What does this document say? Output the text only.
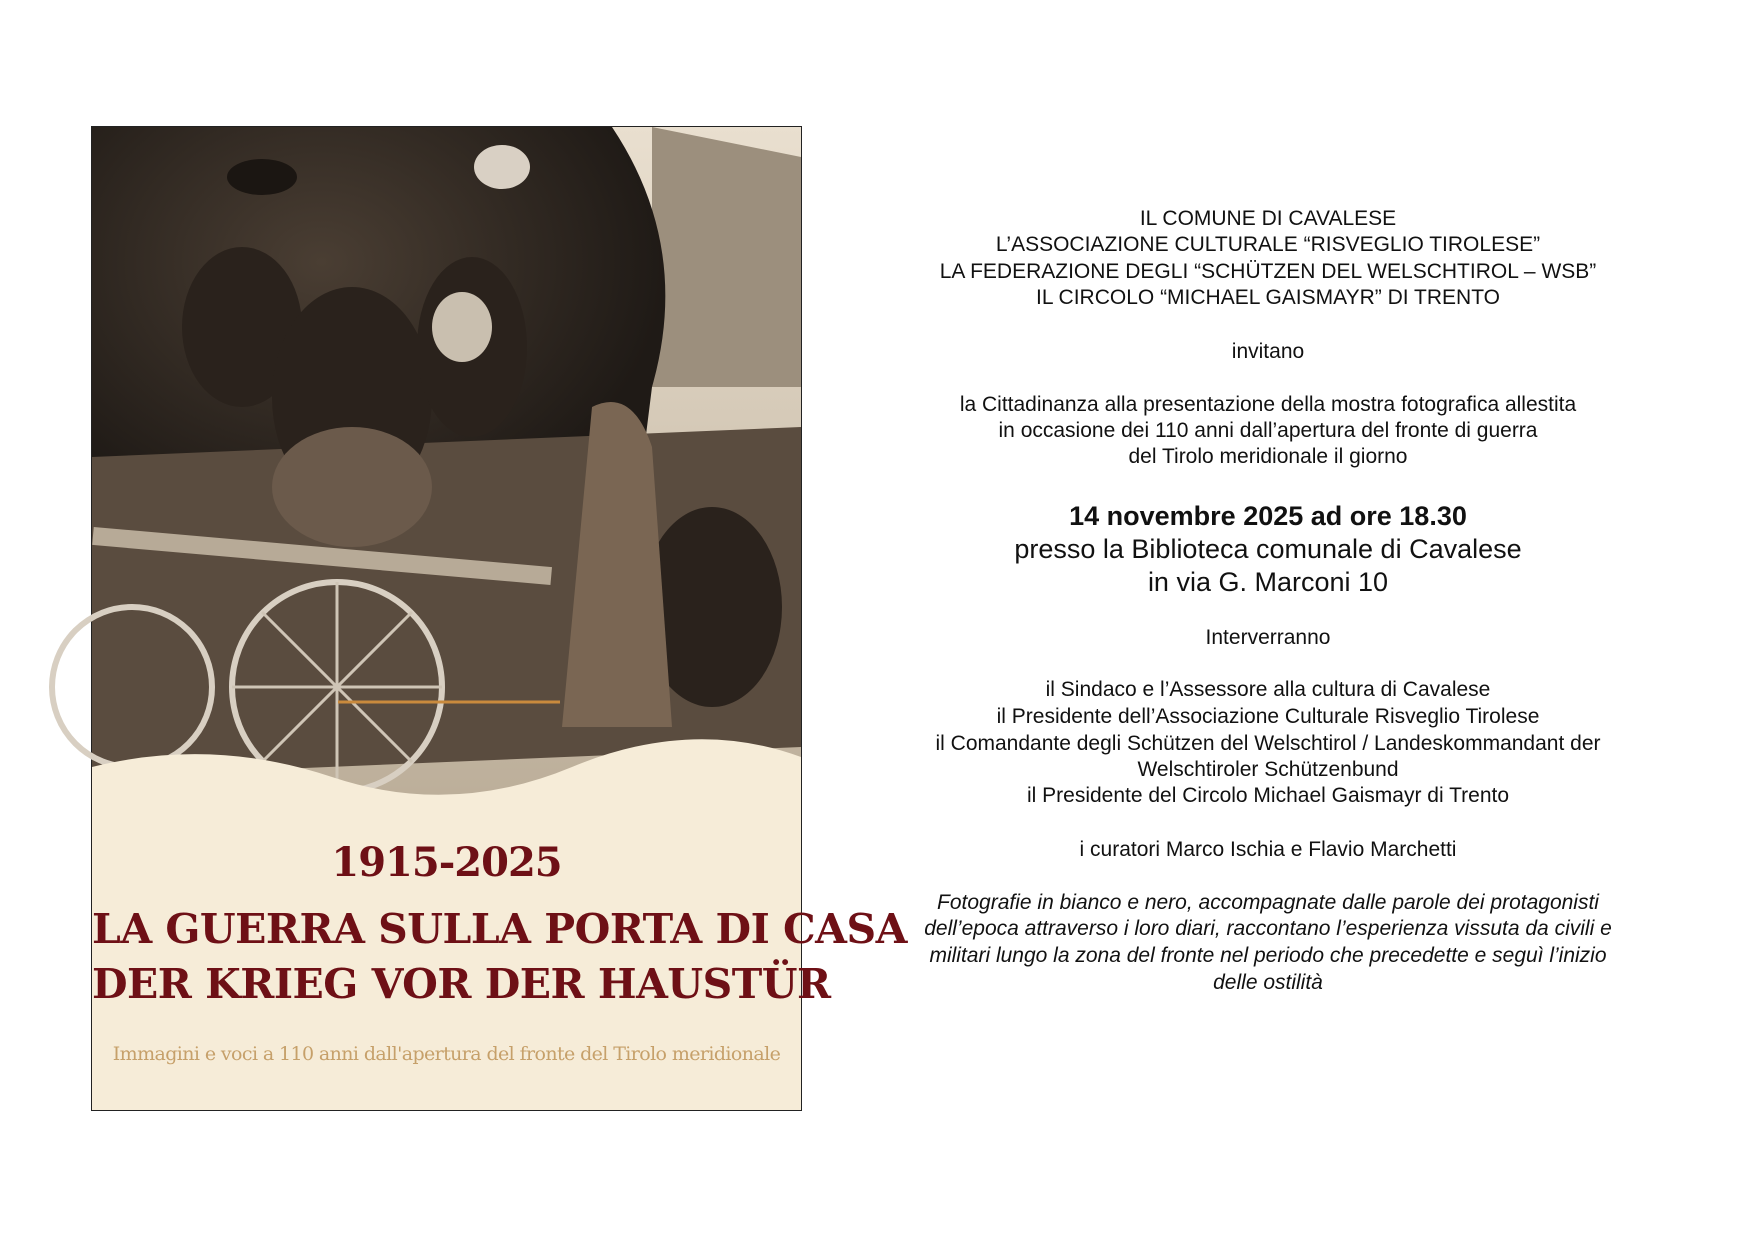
1915-2025
LA GUERRA SULLA PORTA DI CASA
DER KRIEG VOR DER HAUSTÜR
Immagini e voci a 110 anni dall'apertura del fronte del Tirolo meridionale
IL COMUNE DI CAVALESE
L’ASSOCIAZIONE CULTURALE “RISVEGLIO TIROLESE”
LA FEDERAZIONE DEGLI “SCHÜTZEN DEL WELSCHTIROL – WSB”
IL CIRCOLO “MICHAEL GAISMAYR” DI TRENTO
invitano
la Cittadinanza alla presentazione della mostra fotografica allestita
in occasione dei 110 anni dall’apertura del fronte di guerra
del Tirolo meridionale il giorno
14 novembre 2025 ad ore 18.30
presso la Biblioteca comunale di Cavalese
in via G. Marconi 10
Interverranno
il Sindaco e l’Assessore alla cultura di Cavalese
il Presidente dell’Associazione Culturale Risveglio Tirolese
il Comandante degli Schützen del Welschtirol / Landeskommandant der
Welschtiroler Schützenbund
il Presidente del Circolo Michael Gaismayr di Trento
i curatori Marco Ischia e Flavio Marchetti
Fotografie in bianco e nero, accompagnate dalle parole dei protagonisti
dell’epoca attraverso i loro diari, raccontano l’esperienza vissuta da civili e
militari lungo la zona del fronte nel periodo che precedette e seguì l’inizio
delle ostilità
